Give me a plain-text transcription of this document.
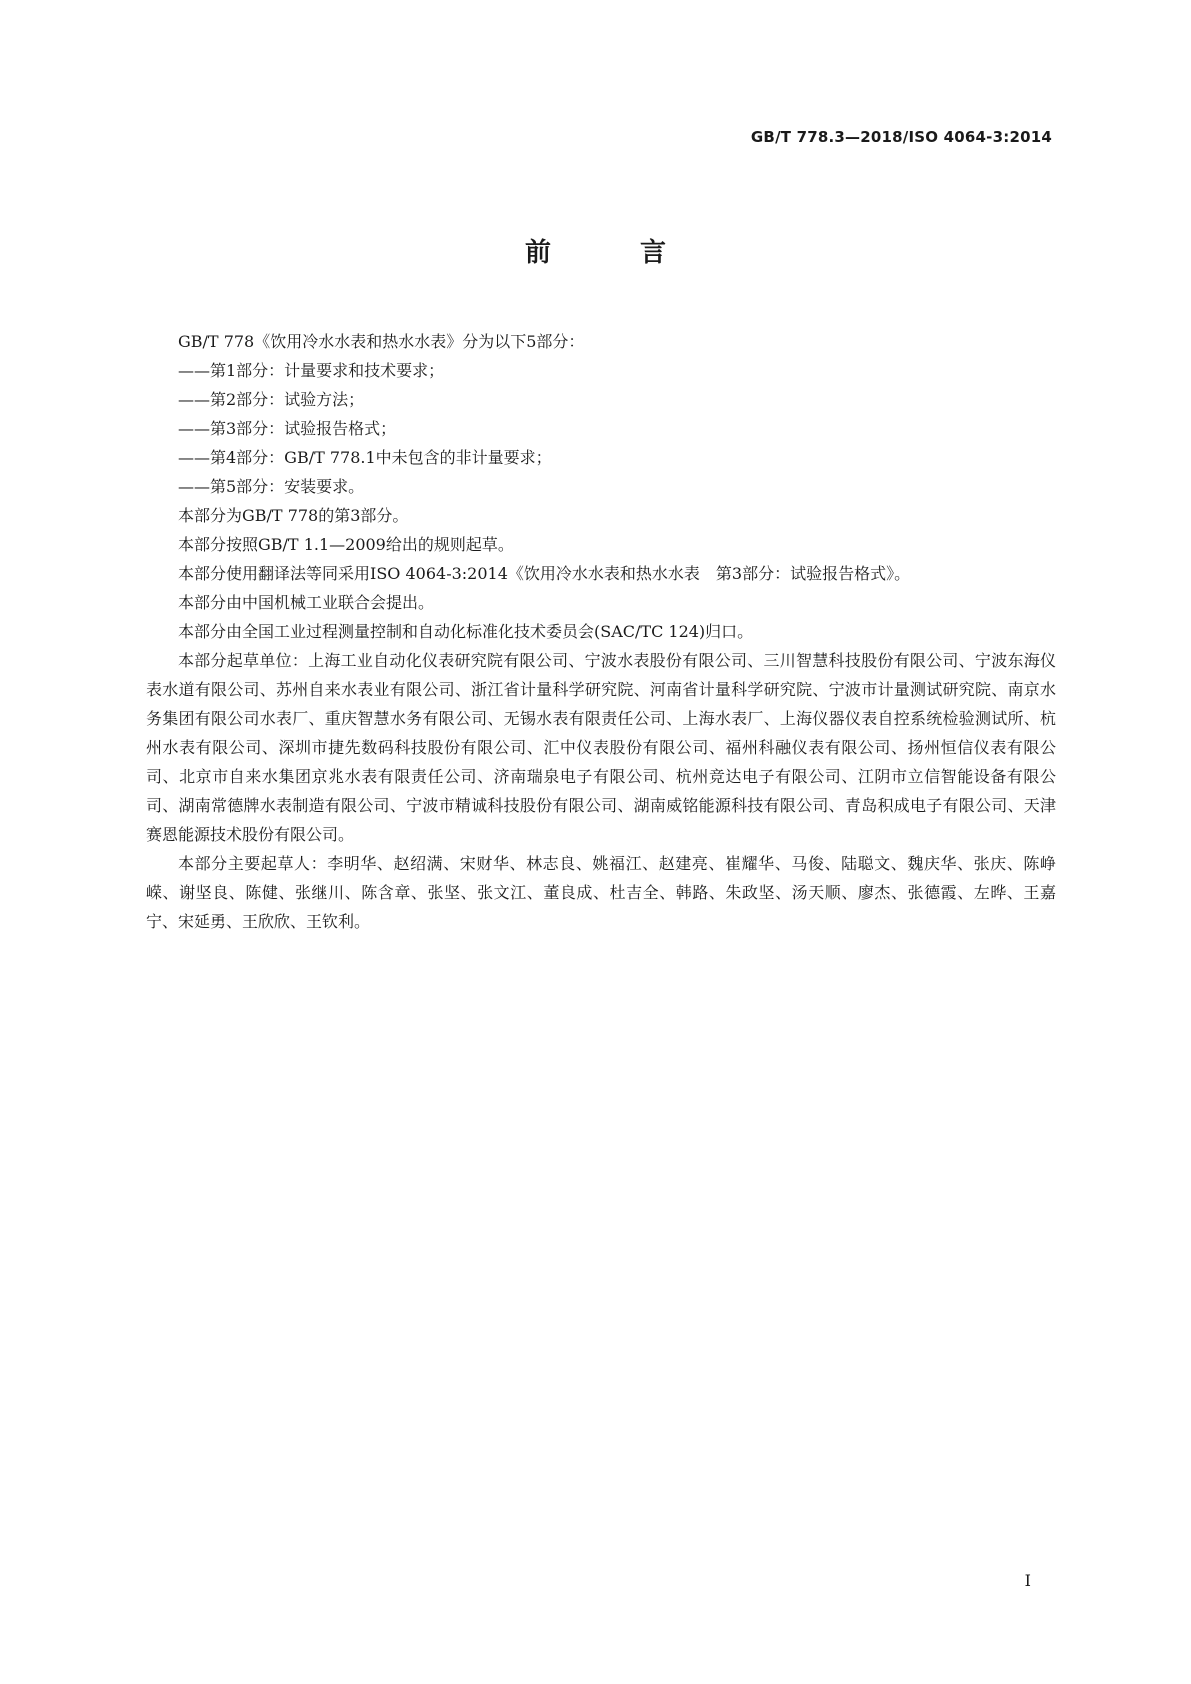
GB/T 778.3—2018/ISO 4064-3:2014
前 言

GB/T 778《饮用冷水水表和热水水表》分为以下5部分：

——第1部分：计量要求和技术要求；

——第2部分：试验方法；

——第3部分：试验报告格式；

——第4部分：GB/T 778.1中未包含的非计量要求；

——第5部分：安装要求。

本部分为GB/T 778的第3部分。

本部分按照GB/T 1.1—2009给出的规则起草。

本部分使用翻译法等同采用ISO 4064-3:2014《饮用冷水水表和热水水表　第3部分：试验报告格式》。

本部分由中国机械工业联合会提出。

本部分由全国工业过程测量控制和自动化标准化技术委员会(SAC/TC 124)归口。

本部分起草单位：上海工业自动化仪表研究院有限公司、宁波水表股份有限公司、三川智慧科技股份有限公司、宁波东海仪表水道有限公司、苏州自来水表业有限公司、浙江省计量科学研究院、河南省计量科学研究院、宁波市计量测试研究院、南京水务集团有限公司水表厂、重庆智慧水务有限公司、无锡水表有限责任公司、上海水表厂、上海仪器仪表自控系统检验测试所、杭州水表有限公司、深圳市捷先数码科技股份有限公司、汇中仪表股份有限公司、福州科融仪表有限公司、扬州恒信仪表有限公司、北京市自来水集团京兆水表有限责任公司、济南瑞泉电子有限公司、杭州竞达电子有限公司、江阴市立信智能设备有限公司、湖南常德牌水表制造有限公司、宁波市精诚科技股份有限公司、湖南威铭能源科技有限公司、青岛积成电子有限公司、天津赛恩能源技术股份有限公司。

本部分主要起草人：李明华、赵绍满、宋财华、林志良、姚福江、赵建亮、崔耀华、马俊、陆聪文、魏庆华、张庆、陈峥嵘、谢坚良、陈健、张继川、陈含章、张坚、张文江、董良成、杜吉全、韩路、朱政坚、汤天顺、廖杰、张德霞、左晔、王嘉宁、宋延勇、王欣欣、王钦利。

I
